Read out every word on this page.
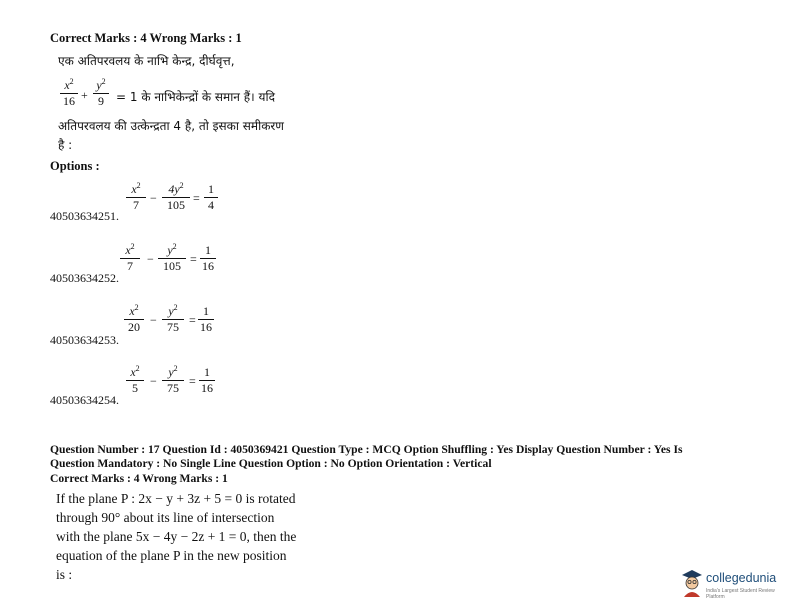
Correct Marks : 4 Wrong Marks : 1
एक अतिपरवलय के नाभि केन्द्र, दीर्घवृत्त,
$x^2$
16 +
$y^2$
9	= 1 के नाभिकेन्द्रों के समान हैं। यदि
अतिपरवलय की उत्केन्द्रता 4 है, तो इसका समीकरण
है :
Options :
40503634251.
$x^2$
7 −
$4y^2$
105 =
1
4
40503634252.
$x^2$
7	−
$y^2$
105 =
1
16
40503634253.
$x^2$
20 −
$y^2$
75 =
1
16
40503634254.
$x^2$
5	−
$y^2$
75 =
1
16
Question Number : 17 Question Id : 4050369421 Question Type : MCQ Option Shuffling : Yes Display Question Number : Yes Is
Question Mandatory : No Single Line Question Option : No Option Orientation : Vertical
Correct Marks : 4 Wrong Marks : 1
If the plane P : 2x − y + 3z + 5 = 0 is rotated
through 90° about its line of intersection
with the plane 5x − 4y − 2z + 1 = 0, then the
equation of the plane P in the new position
is :	collegedunia
India's Largest Student Review Platform
